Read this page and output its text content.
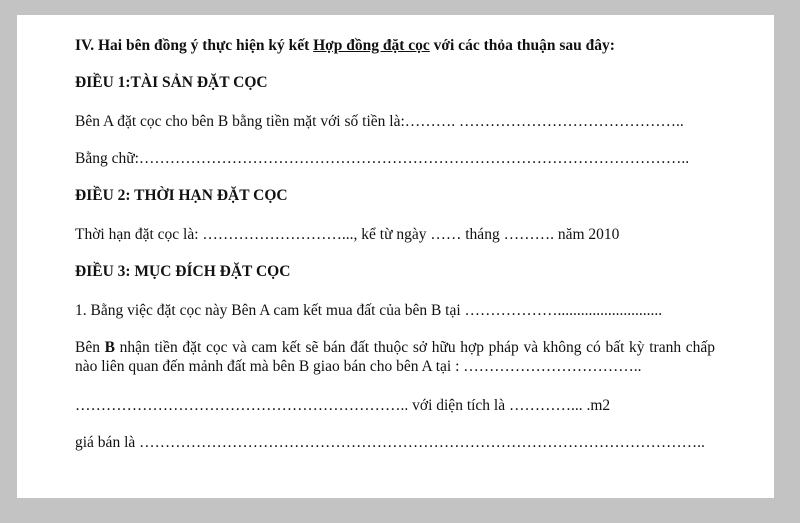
IV. Hai bên đồng ý thực hiện ký kết Hợp đồng đặt cọc với các thỏa thuận sau đây:
ĐIỀU 1:TÀI SẢN ĐẶT CỌC
Bên A đặt cọc cho bên B bằng tiền mặt với số tiền là:………. ……………………………………..
Bằng chữ:……………………………………………………………………………………………..
ĐIỀU 2: THỜI HẠN ĐẶT CỌC
Thời hạn đặt cọc là: ………………………..., kể từ ngày …… tháng ………. năm 2010
ĐIỀU 3: MỤC ĐÍCH ĐẶT CỌC
1. Bằng việc đặt cọc này Bên A cam kết mua đất của bên B tại ………………...........................
Bên B nhận tiền đặt cọc và cam kết sẽ bán đất thuộc sở hữu hợp pháp và không có bất kỳ tranh chấp nào liên quan đến mảnh đất mà bên B giao bán cho bên A tại : ……………………………..
……………………………………………………….. với diện tích là …………... .m2
giá bán là ………………………………………………………………………………………………..
